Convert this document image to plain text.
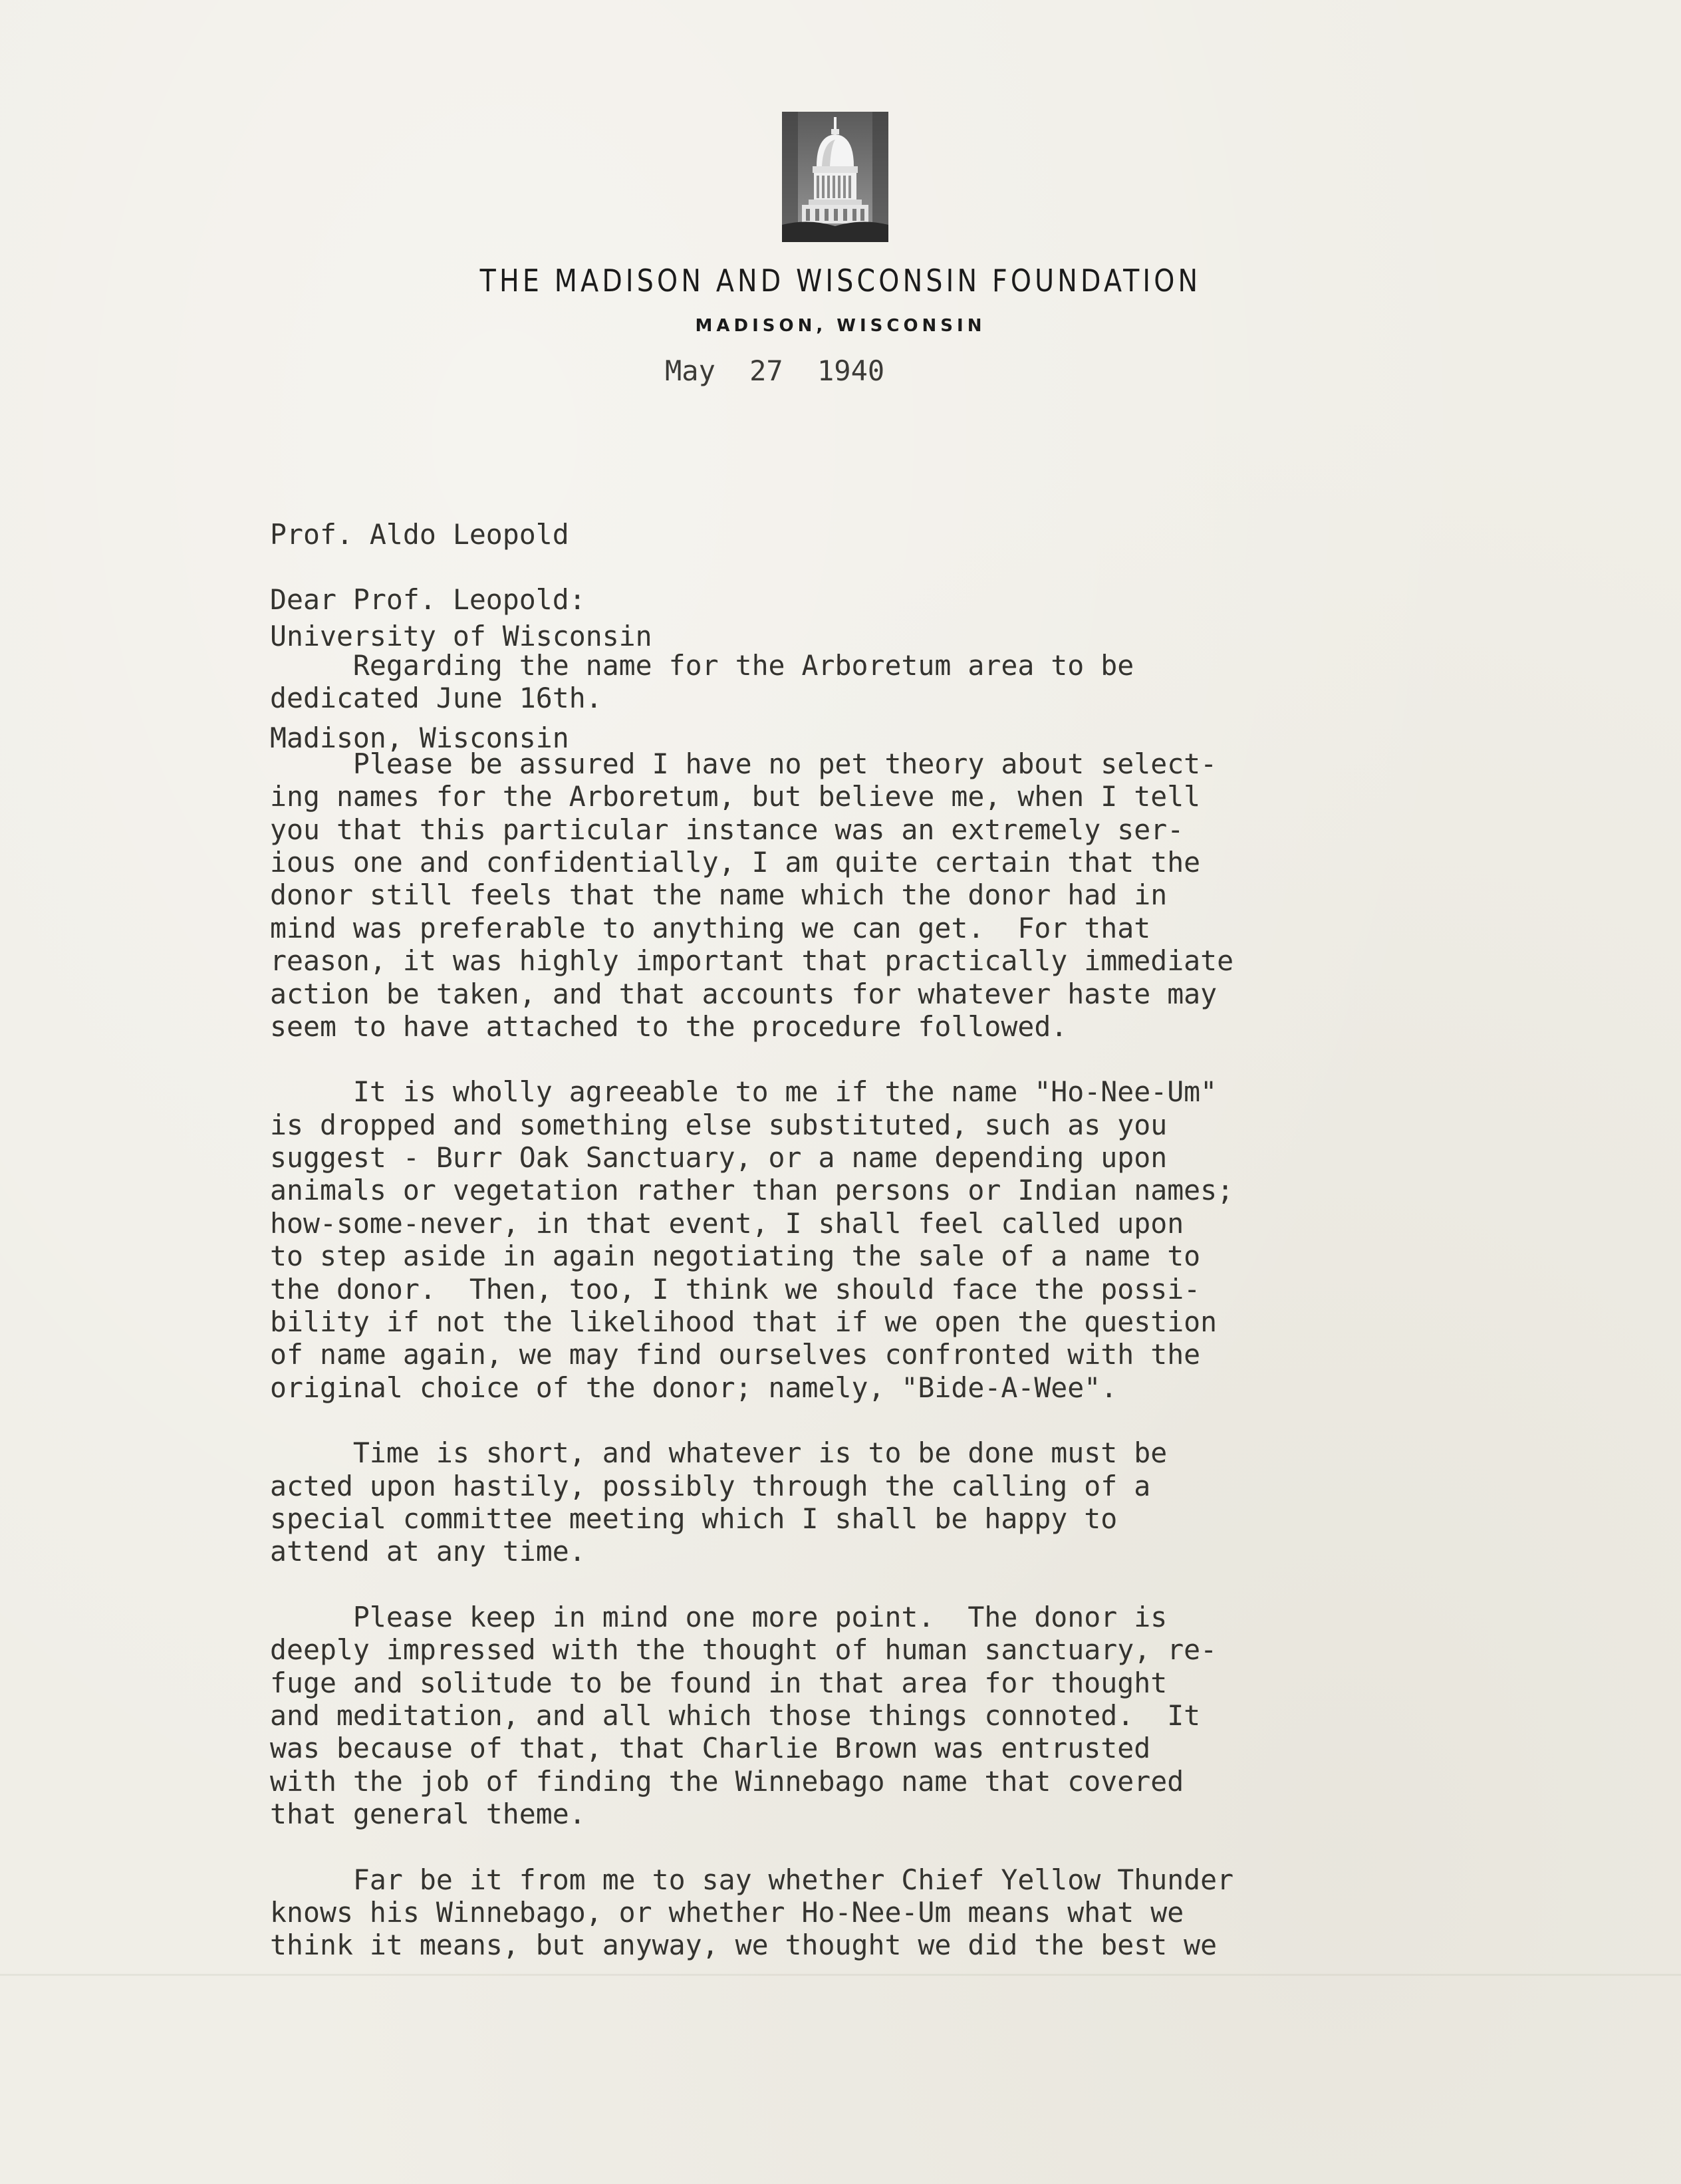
THE MADISON AND WISCONSIN FOUNDATION
MADISON, WISCONSIN
May 27 1940

Prof. Aldo Leopold

University of Wisconsin

Madison, Wisconsin

Dear Prof. Leopold:
Regarding the name for the Arboretum area to be
dedicated June 16th.
Please be assured I have no pet theory about select-
ing names for the Arboretum, but believe me, when I tell
you that this particular instance was an extremely ser-
ious one and confidentially, I am quite certain that the
donor still feels that the name which the donor had in
mind was preferable to anything we can get.  For that
reason, it was highly important that practically immediate
action be taken, and that accounts for whatever haste may
seem to have attached to the procedure followed.
It is wholly agreeable to me if the name "Ho-Nee-Um"
is dropped and something else substituted, such as you
suggest - Burr Oak Sanctuary, or a name depending upon
animals or vegetation rather than persons or Indian names;
how-some-never, in that event, I shall feel called upon
to step aside in again negotiating the sale of a name to
the donor.  Then, too, I think we should face the possi-
bility if not the likelihood that if we open the question
of name again, we may find ourselves confronted with the
original choice of the donor; namely, "Bide-A-Wee".
Time is short, and whatever is to be done must be
acted upon hastily, possibly through the calling of a
special committee meeting which I shall be happy to
attend at any time.
Please keep in mind one more point.  The donor is
deeply impressed with the thought of human sanctuary, re-
fuge and solitude to be found in that area for thought
and meditation, and all which those things connoted.  It
was because of that, that Charlie Brown was entrusted
with the job of finding the Winnebago name that covered
that general theme.
Far be it from me to say whether Chief Yellow Thunder
knows his Winnebago, or whether Ho-Nee-Um means what we
think it means, but anyway, we thought we did the best we
